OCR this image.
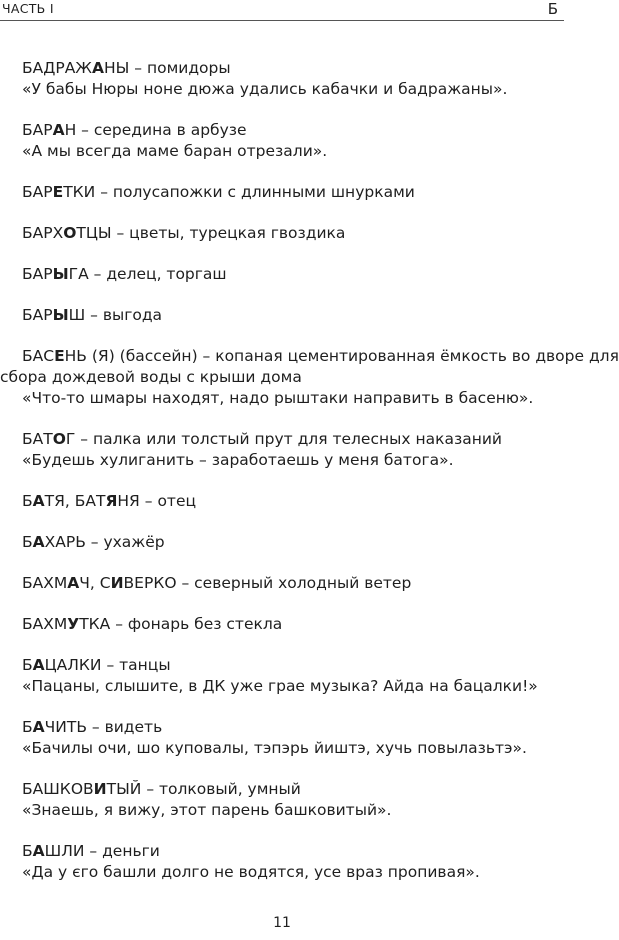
ЧАСТЬ I	Б
БАДРАЖАНЫ – помидоры
«У бабы Нюры ноне дюжа удались кабачки и бадражаны».
БАРАН – середина в арбузе
«А мы всегда маме баран отрезали».
БАРЕТКИ – полусапожки с длинными шнурками
БАРХОТЦЫ – цветы, турецкая гвоздика
БАРЫГА – делец, торгаш
БАРЫШ – выгода
БАСЕНЬ (Я) (бассейн) – копаная цементированная ёмкость во дворе для
сбора дождевой воды с крыши дома
«Что-то шмары находят, надо рыштаки направить в басеню».
БАТОГ – палка или толстый прут для телесных наказаний
«Будешь хулиганить – заработаешь у меня батога».
БАТЯ, БАТЯНЯ – отец
БАХАРЬ – ухажёр
БАХМАЧ, СИВЕРКО – северный холодный ветер
БАХМУТКА – фонарь без стекла
БАЦАЛКИ – танцы
«Пацаны, слышите, в ДК уже грае музыка? Айда на бацалки!»
БАЧИТЬ – видеть
«Бачилы очи, шо куповалы, тэпэрь йиштэ, хучь повылазьтэ».
БАШКОВИТЫЙ – толковый, умный
«Знаешь, я вижу, этот парень башковитый».
БАШЛИ – деньги
«Да у єго башли долго не водятся, усе враз пропивая».
11
